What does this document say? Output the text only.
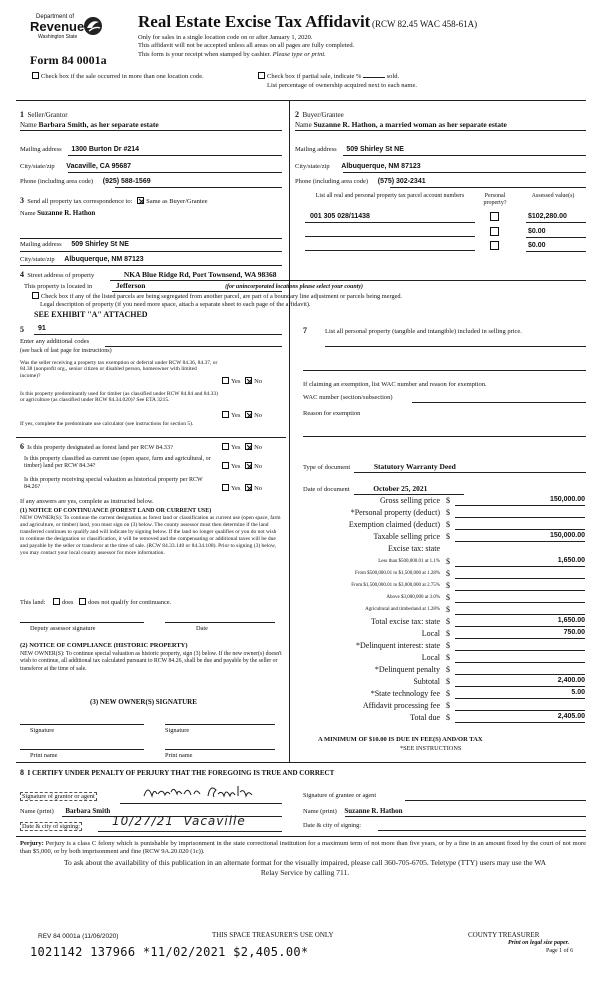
Department of
Revenue
Washington State
Form 84 0001a
Real Estate Excise Tax Affidavit (RCW 82.45 WAC 458-61A)
Only for sales in a single location code on or after January 1, 2020.
This affidavit will not be accepted unless all areas on all pages are fully completed.
This form is your receipt when stamped by cashier. Please type or print.
Check box if the sale occurred in more than one location code.	Check box if partial sale, indicate %	sold.
List percentage of ownership acquired next to each name.
1 Seller/Grantor
Name Barbara Smith, as her separate estate
Mailing address 1300 Burton Dr #214
City/state/zip Vacaville, CA 95687
Phone (including area code) (925) 588-1569
2 Buyer/Grantee
Name Suzanne R. Hathon, a married woman as her separate estate
Mailing address 509 Shirley St NE
City/state/zip Albuquerque, NM 87123
Phone (including area code) (575) 302-2341
3 Send all property tax correspondence to: Same as Buyer/Grantee
Name Suzanne R. Hathon
Mailing address 509 Shirley St NE
City/state/zip Albuquerque, NM 87123
List all real and personal property tax parcel account numbers	Personal property?
Assessed value(s)
001 305 028/11438	$102,280.00
$0.00
$0.00
4 Street address of property	NKA Blue Ridge Rd, Port Townsend, WA 98368
This property is located in	Jefferson	(for unincorporated locations please select your county)
Check box if any of the listed parcels are being segregated from another parcel, are part of a boundary line adjustment or parcels being merged.
Legal description of property (if you need more space, attach a separate sheet to each page of the affidavit).
SEE EXHIBIT "A" ATTACHED
5 91
Enter any additional codes
(see back of last page for instructions)
Was the seller receiving a property tax exemption or deferral under RCW 84.36, 84.37, or 84.38 (nonprofit org., senior citizen or disabled person, homeowner with limited income)?
Yes No
Is this property predominantly used for timber (as classified under RCW 84.84 and 84.33) or agriculture (as classified under RCW 84.34.020)? See ETA 3215.
Yes No
If yes, complete the predominate use calculator (see instructions for section 5).
6 Is this property designated as forest land per RCW 84.33?	Yes No
Is this property classified as current use (open space, farm and agricultural, or timber) land per RCW 84.34?	Yes No
Is this property receiving special valuation as historical property per RCW 84.26?	Yes No
If any answers are yes, complete as instructed below.
(1) NOTICE OF CONTINUANCE (FOREST LAND OR CURRENT USE)
NEW OWNER(S): To continue the current designation as forest land or classification as current use (open space, farm and agriculture, or timber) land, you must sign on (3) below. The county assessor must then determine if the land transferred continues to qualify and will indicate by signing below. If the land no longer qualifies or you do not wish to continue the designation or classification, it will be removed and the compensating or additional taxes will be due and payable by the seller or transferor at the time of sale. (RCW 84.33.140 or 84.34.108). Prior to signing (3) below, you may contact your local county assessor for more information.
This land:	does does not qualify for continuance.
Deputy assessor signature	Date
(2) NOTICE OF COMPLIANCE (HISTORIC PROPERTY)
NEW OWNER(S): To continue special valuation as historic property, sign (3) below. If the new owner(s) doesn't wish to continue, all additional tax calculated pursuant to RCW 84.26, shall be due and payable by the seller or transferor at the time of sale.
(3) NEW OWNER(S) SIGNATURE
Signature	Signature
Print name	Print name
7	List all personal property (tangible and intangible) included in selling price.
If claiming an exemption, list WAC number and reason for exemption.
WAC number (section/subsection)
Reason for exemption
Type of document	Statutory Warranty Deed
Date of document	October 25, 2021
Gross selling price $	150,000.00
*Personal property (deduct) $
Exemption claimed (deduct) $
Taxable selling price $	150,000.00
Excise tax: state
Less than $500,000.01 at 1.1% $	1,650.00
From $500,000.01 to $1,500,000 at 1.28% $
From $1,500,000.01 to $3,000,000 at 2.75% $
Above $3,000,000 at 3.0% $
Agricultural and timberland at 1.28% $
Total excise tax: state $	1,650.00
Local $	750.00
*Delinquent interest: state $
Local $
*Delinquent penalty $
Subtotal $	2,400.00
*State technology fee $	5.00
Affidavit processing fee $
Total due $	2,405.00
A MINIMUM OF $10.00 IS DUE IN FEE(S) AND/OR TAX
*SEE INSTRUCTIONS
8 I CERTIFY UNDER PENALTY OF PERJURY THAT THE FOREGOING IS TRUE AND CORRECT
Signature of grantor or agent
Name (print) Barbara Smith
Date & city of signing:	10/27/21  Vacaville
Signature of grantee or agent
Name (print) Suzanne R. Hathon
Date & city of signing:
Perjury: Perjury is a class C felony which is punishable by imprisonment in the state correctional institution for a maximum term of not more than five years, or by a fine in an amount fixed by the court of not more than $5,000, or by both imprisonment and fine (RCW 9A.20.020 (1c)).
To ask about the availability of this publication in an alternate format for the visually impaired, please call 360-705-6705. Teletype (TTY) users may use the WA Relay Service by calling 711.
REV 84 0001a (11/06/2020)	THIS SPACE TREASURER'S USE ONLY	COUNTY TREASURER
Print on legal size paper.
Page 1 of 6
1021142 137966 *11/02/2021 $2,405.00*
